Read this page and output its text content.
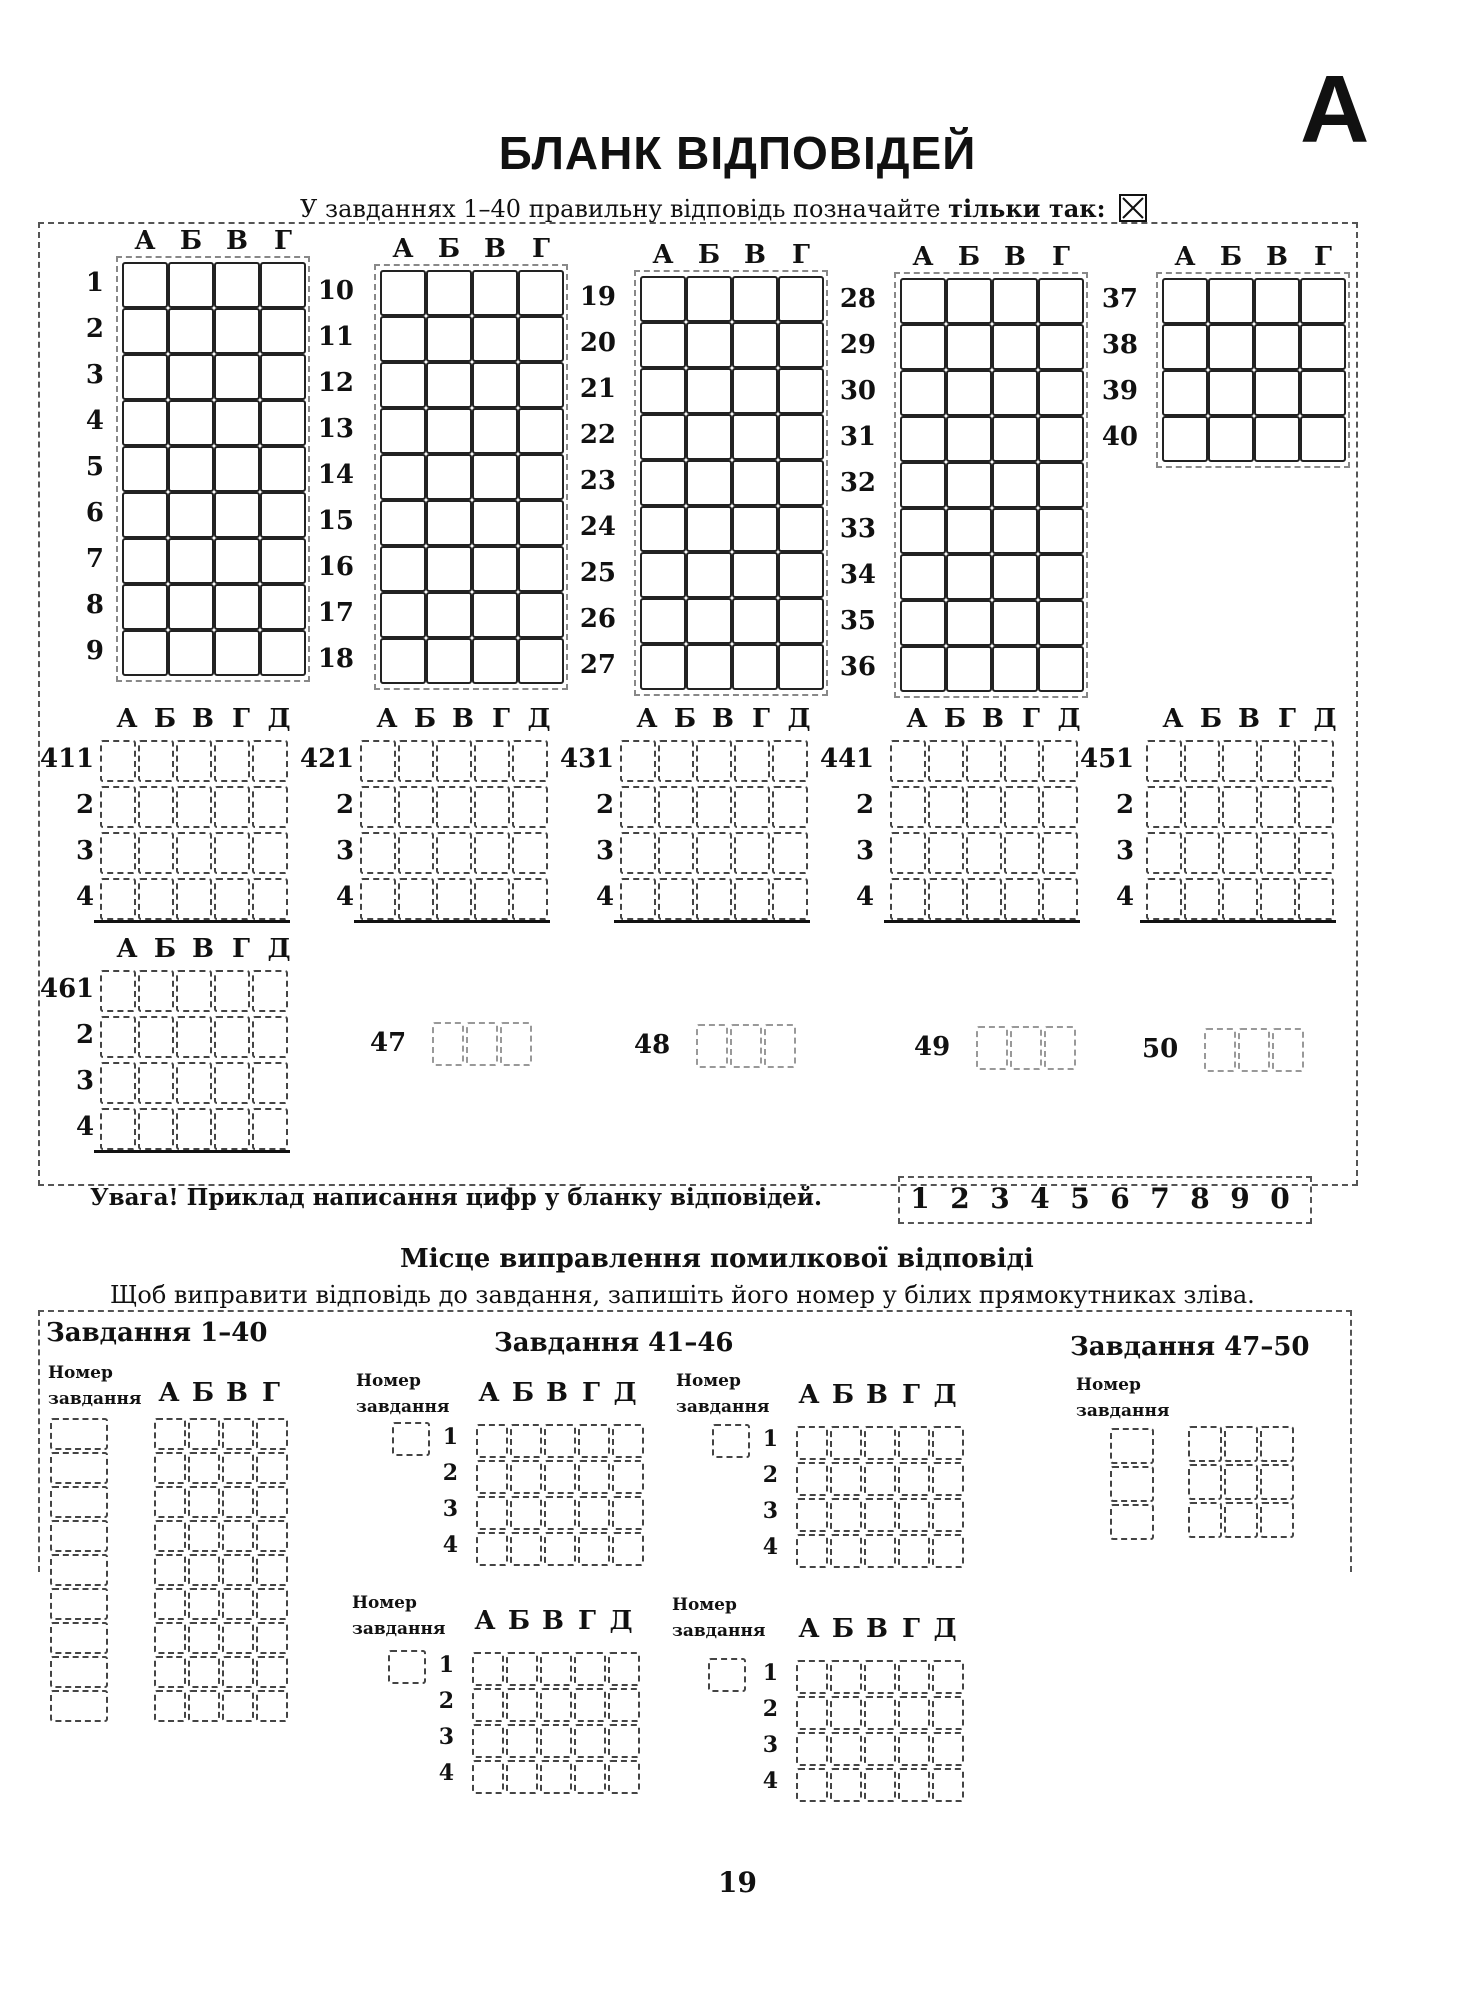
A
БЛАНК ВІДПОВІДЕЙ
У завданнях 1–40 правильну відповідь позначайте тільки так:
А Б В	Г
1
2
3
4
5
6
7
8
9
А Б В	Г
10
11
12
13
14
15
16
17
18
А Б В	Г
19
20
21
22
23
24
25
26
27
А Б В	Г
28
29
30
31
32
33
34
35
36
А Б В	Г
37
38
39
40
А Б В Г Д
41 1
2
3
4
А Б В Г Д
42 1
2
3
4
А Б В Г Д
43 1
2
3
4
А Б В Г Д
44 1
2
3
4
А Б В Г Д
45 1
2
3
4
А Б В Г Д
46 1
2
3
4
47	48	49	50
Увага! Приклад написання цифр у бланку відповідей.	1 2 3 4 5 6 7 8 9 0
Місце виправлення помилкової відповіді
Щоб виправити відповідь до завдання, запишіть його номер у білих прямокутниках зліва.
Завдання 1–40	Завдання 41–46	Завдання 47–50
Номер
завдання А Б В Г	Номер
завдання А Б В Г Д
1
2
3
4
Номер
завдання А Б В Г Д
1
2
3
4
Номер
завдання А Б В Г Д
1
2
3
4
Номер
завдання А Б В Г Д
1
2
3
4
Номер
завдання
19
